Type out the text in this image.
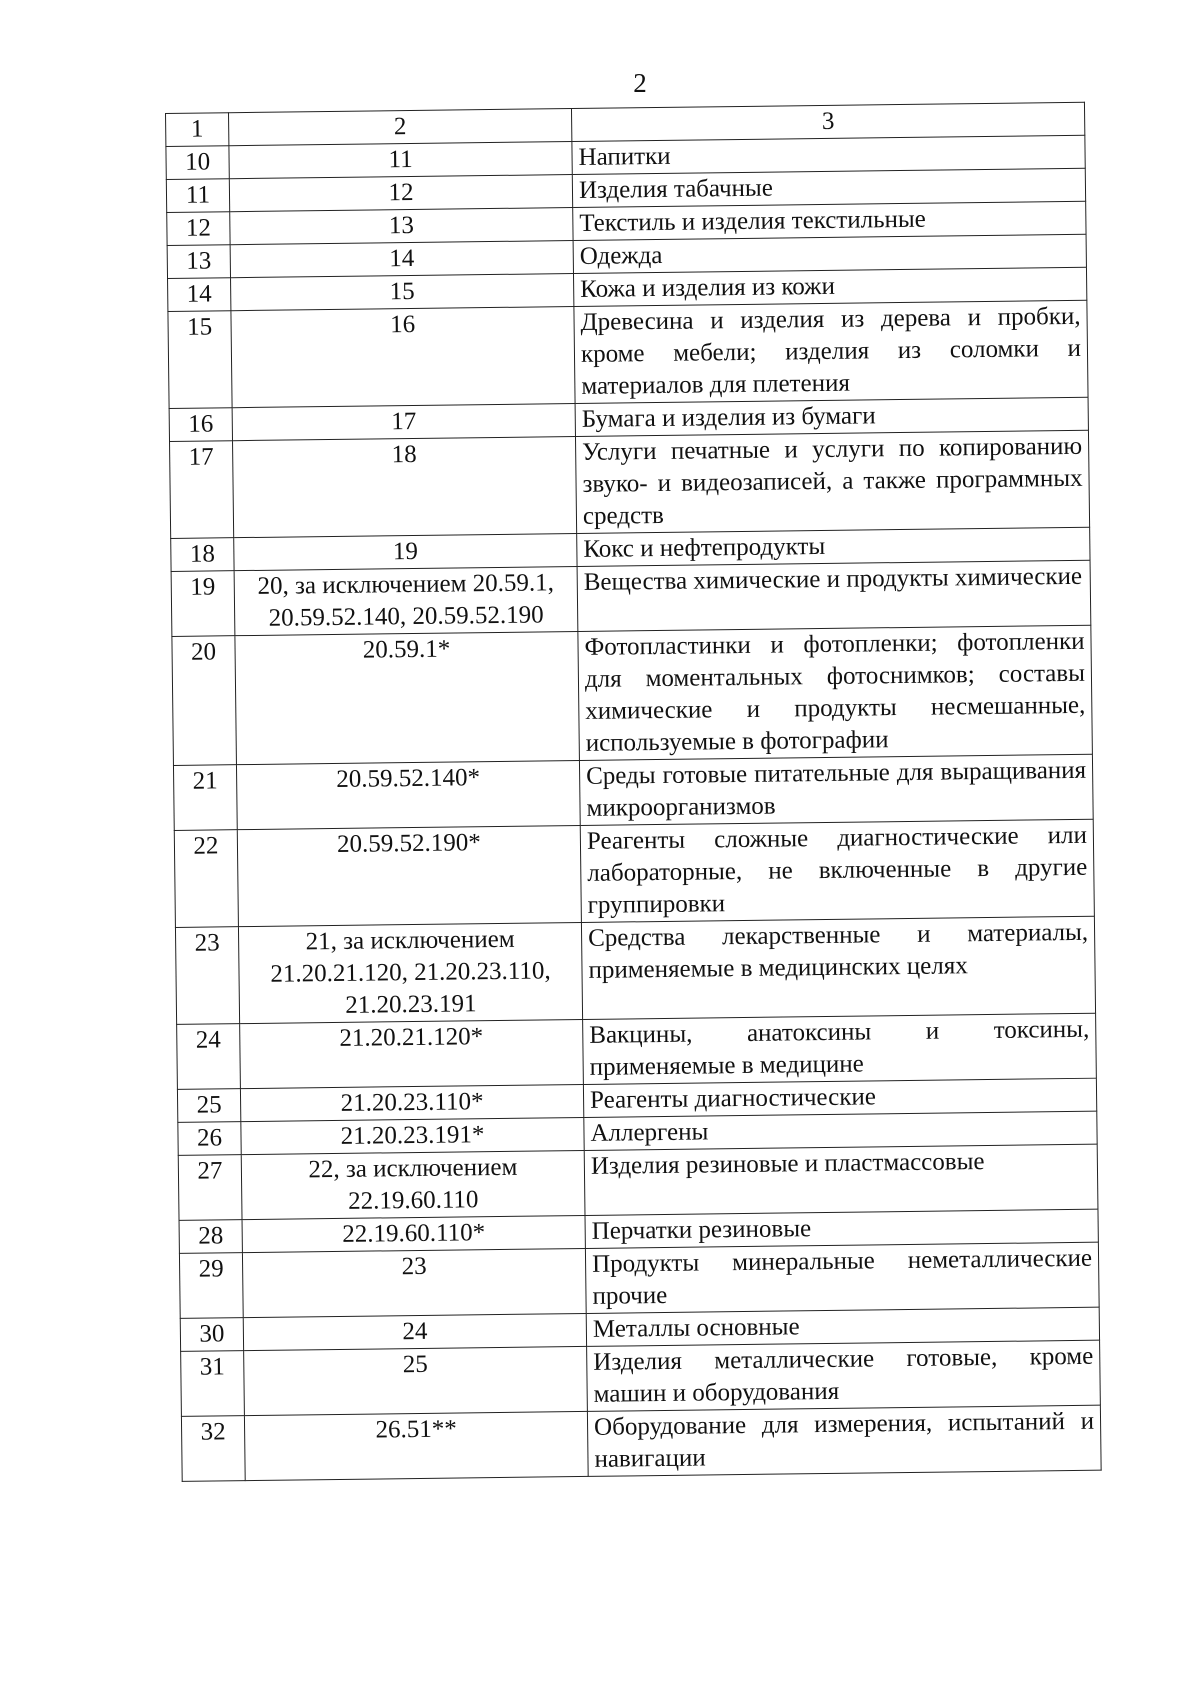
2
1	2	3
10	11	Напитки
11	12	Изделия табачные
12	13	Текстиль и изделия текстильные
13	14	Одежда
14	15	Кожа и изделия из кожи
15	16	Древесина и изделия из дерева и пробки, кроме мебели; изделия из соломки и материалов для плетения
16	17	Бумага и изделия из бумаги
17	18	Услуги печатные и услуги по копированию звуко- и видеозаписей, а также программных средств
18	19	Кокс и нефтепродукты
19	20, за исключением 20.59.1, 20.59.52.140, 20.59.52.190	Вещества химические и продукты химические
20	20.59.1*	Фотопластинки и фотопленки; фотопленки для моментальных фотоснимков; составы химические и продукты несмешанные, используемые в фотографии
21	20.59.52.140*	Среды готовые питательные для выращивания микроорганизмов
22	20.59.52.190*	Реагенты сложные диагностические или лабораторные, не включенные в другие группировки
23	21, за исключением 21.20.21.120, 21.20.23.110, 21.20.23.191	Средства лекарственные и материалы, применяемые в медицинских целях
24	21.20.21.120*	Вакцины, анатоксины и токсины, применяемые в медицине
25	21.20.23.110*	Реагенты диагностические
26	21.20.23.191*	Аллергены
27	22, за исключением 22.19.60.110	Изделия резиновые и пластмассовые
28	22.19.60.110*	Перчатки резиновые
29	23	Продукты минеральные неметаллические прочие
30	24	Металлы основные
31	25	Изделия металлические готовые, кроме машин и оборудования
32	26.51**	Оборудование для измерения, испытаний и навигации
